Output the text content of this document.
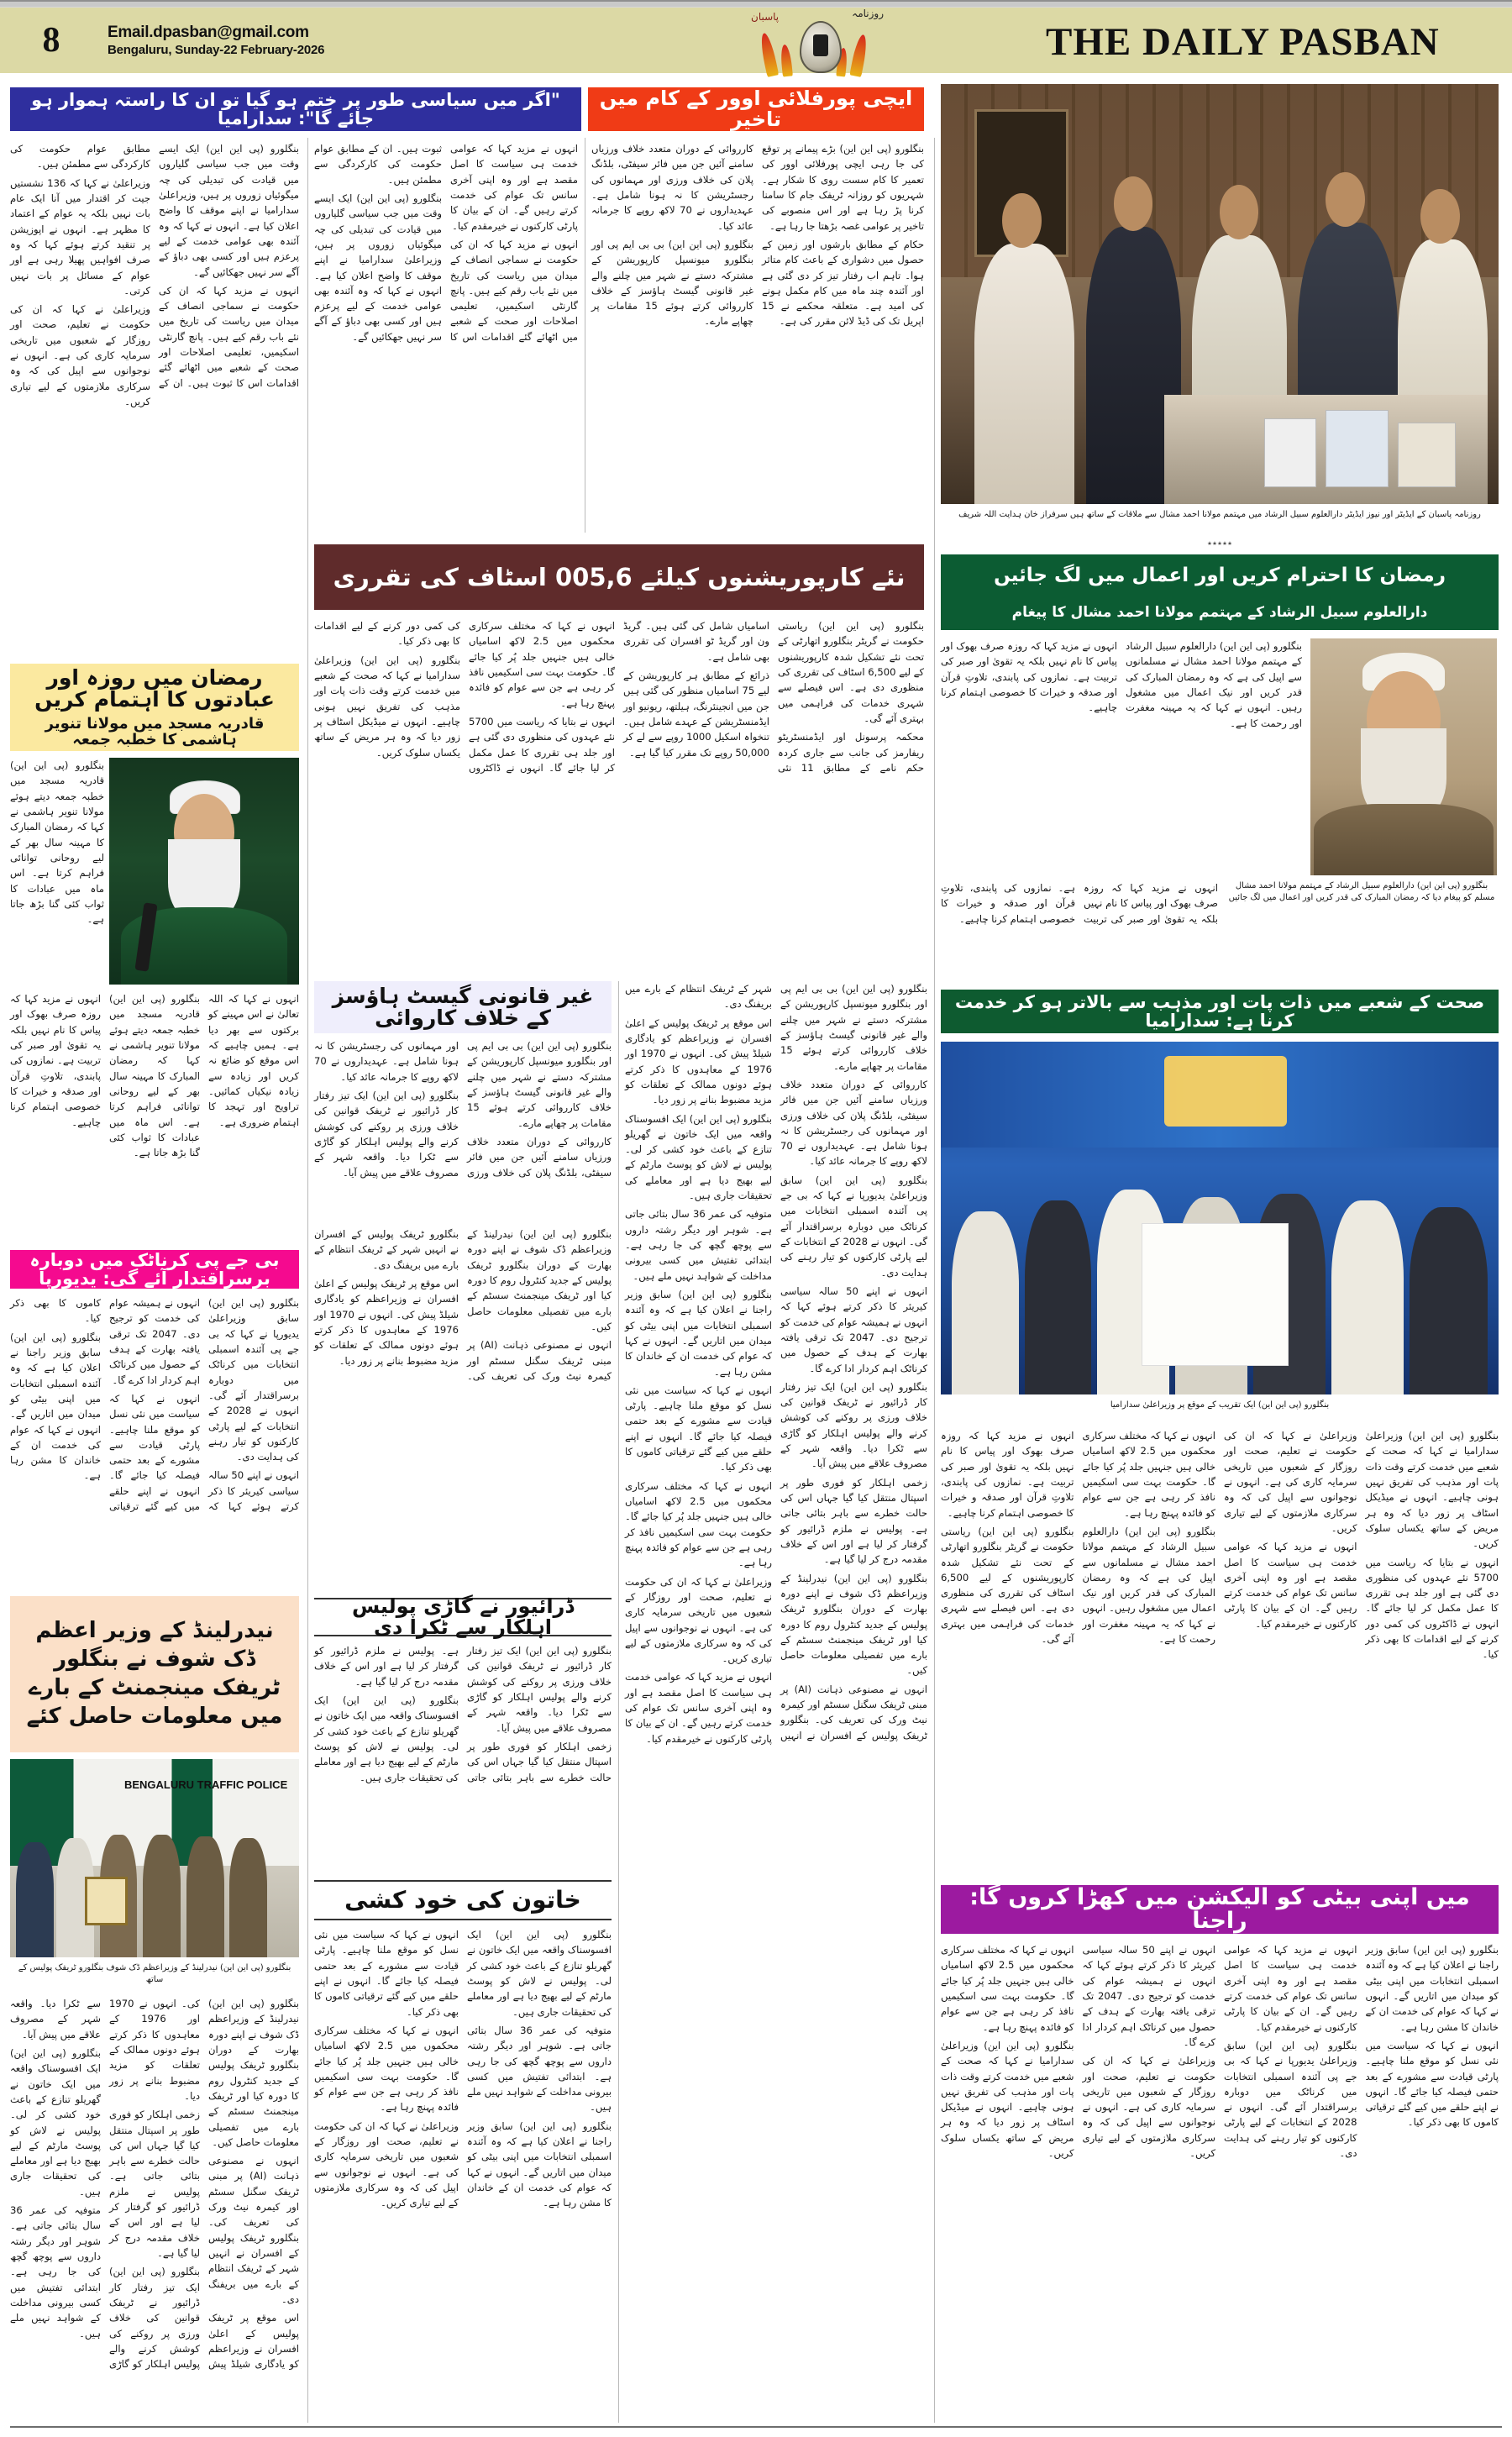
8	Email.dpasban@gmail.com
Bengaluru, Sunday-22 February-2026
روزنامہ
پاسبان
THE DAILY PASBAN
"اگر میں سیاسی طور پر ختم ہو گیا تو ان کا راستہ ہموار ہو جائے گا": سدارامیا
ایچی پورفلائی اوور کے کام میں تاخیر
روزنامہ پاسبان کے ایڈیٹر اور نیوز ایڈیٹر دارالعلوم سبیل الرشاد میں مہتمم مولانا احمد مشال سے ملاقات کے ساتھ ہیں سرفراز خان ہدایت اللہ شریف
٭٭٭٭٭

بنگلورو (پی این این) ایک ایسے وقت میں جب سیاسی گلیاروں میں قیادت کی تبدیلی کی چہ میگوئیاں زوروں پر ہیں، وزیراعلیٰ سدارامیا نے اپنے موقف کا واضح اعلان کیا ہے۔ انہوں نے کہا کہ وہ آئندہ بھی عوامی خدمت کے لیے پرعزم ہیں اور کسی بھی دباؤ کے آگے سر نہیں جھکائیں گے۔

انہوں نے مزید کہا کہ ان کی حکومت نے سماجی انصاف کے میدان میں ریاست کی تاریخ میں نئے باب رقم کیے ہیں۔ پانچ گارنٹی اسکیمیں، تعلیمی اصلاحات اور صحت کے شعبے میں اٹھائے گئے اقدامات اس کا ثبوت ہیں۔ ان کے مطابق عوام حکومت کی کارکردگی سے مطمئن ہیں۔

وزیراعلیٰ نے کہا کہ 136 نشستیں جیت کر اقتدار میں آنا ایک عام بات نہیں بلکہ یہ عوام کے اعتماد کا مظہر ہے۔ انہوں نے اپوزیشن پر تنقید کرتے ہوئے کہا کہ وہ صرف افواہیں پھیلا رہی ہے اور عوام کے مسائل پر بات نہیں کرتی۔

وزیراعلیٰ نے کہا کہ ان کی حکومت نے تعلیم، صحت اور روزگار کے شعبوں میں تاریخی سرمایہ کاری کی ہے۔ انہوں نے نوجوانوں سے اپیل کی کہ وہ سرکاری ملازمتوں کے لیے تیاری کریں۔

انہوں نے مزید کہا کہ عوامی خدمت ہی سیاست کا اصل مقصد ہے اور وہ اپنی آخری سانس تک عوام کی خدمت کرتے رہیں گے۔ ان کے بیان کا پارٹی کارکنوں نے خیرمقدم کیا۔

انہوں نے مزید کہا کہ ان کی حکومت نے سماجی انصاف کے میدان میں ریاست کی تاریخ میں نئے باب رقم کیے ہیں۔ پانچ گارنٹی اسکیمیں، تعلیمی اصلاحات اور صحت کے شعبے میں اٹھائے گئے اقدامات اس کا ثبوت ہیں۔ ان کے مطابق عوام حکومت کی کارکردگی سے مطمئن ہیں۔

بنگلورو (پی این این) ایک ایسے وقت میں جب سیاسی گلیاروں میں قیادت کی تبدیلی کی چہ میگوئیاں زوروں پر ہیں، وزیراعلیٰ سدارامیا نے اپنے موقف کا واضح اعلان کیا ہے۔ انہوں نے کہا کہ وہ آئندہ بھی عوامی خدمت کے لیے پرعزم ہیں اور کسی بھی دباؤ کے آگے سر نہیں جھکائیں گے۔

بنگلورو (پی این این) بڑے پیمانے پر توقع کی جا رہی ایچی پورفلائی اوور کی تعمیر کا کام سست روی کا شکار ہے۔ شہریوں کو روزانہ ٹریفک جام کا سامنا کرنا پڑ رہا ہے اور اس منصوبے کی تاخیر پر عوامی غصہ بڑھتا جا رہا ہے۔

حکام کے مطابق بارشوں اور زمین کے حصول میں دشواری کے باعث کام متاثر ہوا۔ تاہم اب رفتار تیز کر دی گئی ہے اور آئندہ چند ماہ میں کام مکمل ہونے کی امید ہے۔ متعلقہ محکمے نے 15 اپریل تک کی ڈیڈ لائن مقرر کی ہے۔

کارروائی کے دوران متعدد خلاف ورزیاں سامنے آئیں جن میں فائر سیفٹی، بلڈنگ پلان کی خلاف ورزی اور مہمانوں کی رجسٹریشن کا نہ ہونا شامل ہے۔ عہدیداروں نے 70 لاکھ روپے کا جرمانہ عائد کیا۔

بنگلورو (پی این این) بی بی ایم پی اور بنگلورو میونسپل کارپوریشن کے مشترکہ دستے نے شہر میں چلنے والے غیر قانونی گیسٹ ہاؤسز کے خلاف کارروائی کرتے ہوئے 15 مقامات پر چھاپے مارے۔

نئے کارپوریشنوں کیلئے 6,500 اسٹاف کی تقرری

بنگلورو (پی این این) ریاستی حکومت نے گریٹر بنگلورو اتھارٹی کے تحت نئے تشکیل شدہ کارپوریشنوں کے لیے 6,500 اسٹاف کی تقرری کی منظوری دی ہے۔ اس فیصلے سے شہری خدمات کی فراہمی میں بہتری آئے گی۔

محکمہ پرسونل اور ایڈمنسٹریٹو ریفارمز کی جانب سے جاری کردہ حکم نامے کے مطابق 11 نئی اسامیاں شامل کی گئی ہیں۔ گریڈ ون اور گریڈ ٹو افسران کی تقرری بھی شامل ہے۔

ذرائع کے مطابق ہر کارپوریشن کے لیے 75 اسامیاں منظور کی گئی ہیں جن میں انجینئرنگ، ہیلتھ، ریونیو اور ایڈمنسٹریشن کے عہدے شامل ہیں۔ تنخواہ اسکیل 1000 روپے سے لے کر 50,000 روپے تک مقرر کیا گیا ہے۔

انہوں نے کہا کہ مختلف سرکاری محکموں میں 2.5 لاکھ اسامیاں خالی ہیں جنہیں جلد پُر کیا جائے گا۔ حکومت بہت سی اسکیمیں نافذ کر رہی ہے جن سے عوام کو فائدہ پہنچ رہا ہے۔

انہوں نے بتایا کہ ریاست میں 5700 نئے عہدوں کی منظوری دی گئی ہے اور جلد ہی تقرری کا عمل مکمل کر لیا جائے گا۔ انہوں نے ڈاکٹروں کی کمی دور کرنے کے لیے اقدامات کا بھی ذکر کیا۔

بنگلورو (پی این این) وزیراعلیٰ سدارامیا نے کہا کہ صحت کے شعبے میں خدمت کرتے وقت ذات پات اور مذہب کی تفریق نہیں ہونی چاہیے۔ انہوں نے میڈیکل اسٹاف پر زور دیا کہ وہ ہر مریض کے ساتھ یکساں سلوک کریں۔

رمضان کا احترام کریں اور اعمال میں لگ جائیں
دارالعلوم سبیل الرشاد کے مہتمم مولانا احمد مشال کا پیغام

بنگلورو (پی این این) دارالعلوم سبیل الرشاد کے مہتمم مولانا احمد مشال نے مسلمانوں سے اپیل کی ہے کہ وہ رمضان المبارک کی قدر کریں اور نیک اعمال میں مشغول رہیں۔ انہوں نے کہا کہ یہ مہینہ مغفرت اور رحمت کا ہے۔

انہوں نے مزید کہا کہ روزہ صرف بھوک اور پیاس کا نام نہیں بلکہ یہ تقویٰ اور صبر کی تربیت ہے۔ نمازوں کی پابندی، تلاوتِ قرآن اور صدقہ و خیرات کا خصوصی اہتمام کرنا چاہیے۔

بنگلورو (پی این این) دارالعلوم سبیل الرشاد کے مہتمم مولانا احمد مشال مسلم کو پیغام دیا کہ رمضان المبارک کی قدر کریں اور اعمال میں لگ جائیں

انہوں نے مزید کہا کہ روزہ صرف بھوک اور پیاس کا نام نہیں بلکہ یہ تقویٰ اور صبر کی تربیت ہے۔ نمازوں کی پابندی، تلاوتِ قرآن اور صدقہ و خیرات کا خصوصی اہتمام کرنا چاہیے۔

رمضان میں روزہ اور عبادتوں کا اہتمام کریں
قادریہ مسجد میں مولانا تنویر ہاشمی کا خطبہ جمعہ

بنگلورو (پی این این) قادریہ مسجد میں خطبہ جمعہ دیتے ہوئے مولانا تنویر ہاشمی نے کہا کہ رمضان المبارک کا مہینہ سال بھر کے لیے روحانی توانائی فراہم کرتا ہے۔ اس ماہ میں عبادات کا ثواب کئی گنا بڑھ جاتا ہے۔

انہوں نے کہا کہ اللہ تعالیٰ نے اس مہینے کو برکتوں سے بھر دیا ہے۔ ہمیں چاہیے کہ اس موقع کو ضائع نہ کریں اور زیادہ سے زیادہ نیکیاں کمائیں۔ تراویح اور تہجد کا اہتمام ضروری ہے۔

بنگلورو (پی این این) قادریہ مسجد میں خطبہ جمعہ دیتے ہوئے مولانا تنویر ہاشمی نے کہا کہ رمضان المبارک کا مہینہ سال بھر کے لیے روحانی توانائی فراہم کرتا ہے۔ اس ماہ میں عبادات کا ثواب کئی گنا بڑھ جاتا ہے۔

انہوں نے مزید کہا کہ روزہ صرف بھوک اور پیاس کا نام نہیں بلکہ یہ تقویٰ اور صبر کی تربیت ہے۔ نمازوں کی پابندی، تلاوتِ قرآن اور صدقہ و خیرات کا خصوصی اہتمام کرنا چاہیے۔

غیر قانونی گیسٹ ہاؤسز کے خلاف کاروائی

بنگلورو (پی این این) بی بی ایم پی اور بنگلورو میونسپل کارپوریشن کے مشترکہ دستے نے شہر میں چلنے والے غیر قانونی گیسٹ ہاؤسز کے خلاف کارروائی کرتے ہوئے 15 مقامات پر چھاپے مارے۔

کارروائی کے دوران متعدد خلاف ورزیاں سامنے آئیں جن میں فائر سیفٹی، بلڈنگ پلان کی خلاف ورزی اور مہمانوں کی رجسٹریشن کا نہ ہونا شامل ہے۔ عہدیداروں نے 70 لاکھ روپے کا جرمانہ عائد کیا۔

بنگلورو (پی این این) ایک تیز رفتار کار ڈرائیور نے ٹریفک قوانین کی خلاف ورزی پر روکنے کی کوشش کرنے والے پولیس اہلکار کو گاڑی سے ٹکرا دیا۔ واقعہ شہر کے مصروف علاقے میں پیش آیا۔

صحت کے شعبے میں ذات پات اور مذہب سے بالاتر ہو کر خدمت کرنا ہے: سدارامیا
بنگلورو (پی این این) ایک تقریب کے موقع پر وزیراعلیٰ سدارامیا

بنگلورو (پی این این) وزیراعلیٰ سدارامیا نے کہا کہ صحت کے شعبے میں خدمت کرتے وقت ذات پات اور مذہب کی تفریق نہیں ہونی چاہیے۔ انہوں نے میڈیکل اسٹاف پر زور دیا کہ وہ ہر مریض کے ساتھ یکساں سلوک کریں۔

انہوں نے بتایا کہ ریاست میں 5700 نئے عہدوں کی منظوری دی گئی ہے اور جلد ہی تقرری کا عمل مکمل کر لیا جائے گا۔ انہوں نے ڈاکٹروں کی کمی دور کرنے کے لیے اقدامات کا بھی ذکر کیا۔

وزیراعلیٰ نے کہا کہ ان کی حکومت نے تعلیم، صحت اور روزگار کے شعبوں میں تاریخی سرمایہ کاری کی ہے۔ انہوں نے نوجوانوں سے اپیل کی کہ وہ سرکاری ملازمتوں کے لیے تیاری کریں۔

انہوں نے مزید کہا کہ عوامی خدمت ہی سیاست کا اصل مقصد ہے اور وہ اپنی آخری سانس تک عوام کی خدمت کرتے رہیں گے۔ ان کے بیان کا پارٹی کارکنوں نے خیرمقدم کیا۔

انہوں نے کہا کہ مختلف سرکاری محکموں میں 2.5 لاکھ اسامیاں خالی ہیں جنہیں جلد پُر کیا جائے گا۔ حکومت بہت سی اسکیمیں نافذ کر رہی ہے جن سے عوام کو فائدہ پہنچ رہا ہے۔

بنگلورو (پی این این) دارالعلوم سبیل الرشاد کے مہتمم مولانا احمد مشال نے مسلمانوں سے اپیل کی ہے کہ وہ رمضان المبارک کی قدر کریں اور نیک اعمال میں مشغول رہیں۔ انہوں نے کہا کہ یہ مہینہ مغفرت اور رحمت کا ہے۔

انہوں نے مزید کہا کہ روزہ صرف بھوک اور پیاس کا نام نہیں بلکہ یہ تقویٰ اور صبر کی تربیت ہے۔ نمازوں کی پابندی، تلاوتِ قرآن اور صدقہ و خیرات کا خصوصی اہتمام کرنا چاہیے۔

بنگلورو (پی این این) ریاستی حکومت نے گریٹر بنگلورو اتھارٹی کے تحت نئے تشکیل شدہ کارپوریشنوں کے لیے 6,500 اسٹاف کی تقرری کی منظوری دی ہے۔ اس فیصلے سے شہری خدمات کی فراہمی میں بہتری آئے گی۔

بی جے پی کرناٹک میں دوبارہ برسراقتدار آئے گی: یدیورپا

بنگلورو (پی این این) سابق وزیراعلیٰ یدیورپا نے کہا کہ بی جے پی آئندہ اسمبلی انتخابات میں کرناٹک میں دوبارہ برسراقتدار آئے گی۔ انہوں نے 2028 کے انتخابات کے لیے پارٹی کارکنوں کو تیار رہنے کی ہدایت دی۔

انہوں نے اپنے 50 سالہ سیاسی کیریئر کا ذکر کرتے ہوئے کہا کہ انہوں نے ہمیشہ عوام کی خدمت کو ترجیح دی۔ 2047 تک ترقی یافتہ بھارت کے ہدف کے حصول میں کرناٹک اہم کردار ادا کرے گا۔

انہوں نے کہا کہ سیاست میں نئی نسل کو موقع ملنا چاہیے۔ پارٹی قیادت سے مشورے کے بعد حتمی فیصلہ کیا جائے گا۔ انہوں نے اپنے حلقے میں کیے گئے ترقیاتی کاموں کا بھی ذکر کیا۔

بنگلورو (پی این این) سابق وزیر راجنا نے اعلان کیا ہے کہ وہ آئندہ اسمبلی انتخابات میں اپنی بیٹی کو میدان میں اتاریں گے۔ انہوں نے کہا کہ عوام کی خدمت ان کے خاندان کا مشن رہا ہے۔

ڈرائیور نے گاڑی پولیس اہلکار سے ٹکرا دی

بنگلورو (پی این این) ایک تیز رفتار کار ڈرائیور نے ٹریفک قوانین کی خلاف ورزی پر روکنے کی کوشش کرنے والے پولیس اہلکار کو گاڑی سے ٹکرا دیا۔ واقعہ شہر کے مصروف علاقے میں پیش آیا۔

زخمی اہلکار کو فوری طور پر اسپتال منتقل کیا گیا جہاں اس کی حالت خطرے سے باہر بتائی جاتی ہے۔ پولیس نے ملزم ڈرائیور کو گرفتار کر لیا ہے اور اس کے خلاف مقدمہ درج کر لیا گیا ہے۔

بنگلورو (پی این این) ایک افسوسناک واقعہ میں ایک خاتون نے گھریلو تنازع کے باعث خود کشی کر لی۔ پولیس نے لاش کو پوسٹ مارٹم کے لیے بھیج دیا ہے اور معاملے کی تحقیقات جاری ہیں۔

بنگلورو (پی این این) نیدرلینڈ کے وزیراعظم ڈک شوف نے اپنے دورہ بھارت کے دوران بنگلورو ٹریفک پولیس کے جدید کنٹرول روم کا دورہ کیا اور ٹریفک مینجمنٹ سسٹم کے بارے میں تفصیلی معلومات حاصل کیں۔

انہوں نے مصنوعی ذہانت (AI) پر مبنی ٹریفک سگنل سسٹم اور کیمرہ نیٹ ورک کی تعریف کی۔ بنگلورو ٹریفک پولیس کے افسران نے انہیں شہر کے ٹریفک انتظام کے بارے میں بریفنگ دی۔

اس موقع پر ٹریفک پولیس کے اعلیٰ افسران نے وزیراعظم کو یادگاری شیلڈ پیش کی۔ انہوں نے 1970 اور 1976 کے معاہدوں کا ذکر کرتے ہوئے دونوں ممالک کے تعلقات کو مزید مضبوط بنانے پر زور دیا۔

بنگلورو (پی این این) بی بی ایم پی اور بنگلورو میونسپل کارپوریشن کے مشترکہ دستے نے شہر میں چلنے والے غیر قانونی گیسٹ ہاؤسز کے خلاف کارروائی کرتے ہوئے 15 مقامات پر چھاپے مارے۔

کارروائی کے دوران متعدد خلاف ورزیاں سامنے آئیں جن میں فائر سیفٹی، بلڈنگ پلان کی خلاف ورزی اور مہمانوں کی رجسٹریشن کا نہ ہونا شامل ہے۔ عہدیداروں نے 70 لاکھ روپے کا جرمانہ عائد کیا۔

بنگلورو (پی این این) سابق وزیراعلیٰ یدیورپا نے کہا کہ بی جے پی آئندہ اسمبلی انتخابات میں کرناٹک میں دوبارہ برسراقتدار آئے گی۔ انہوں نے 2028 کے انتخابات کے لیے پارٹی کارکنوں کو تیار رہنے کی ہدایت دی۔

انہوں نے اپنے 50 سالہ سیاسی کیریئر کا ذکر کرتے ہوئے کہا کہ انہوں نے ہمیشہ عوام کی خدمت کو ترجیح دی۔ 2047 تک ترقی یافتہ بھارت کے ہدف کے حصول میں کرناٹک اہم کردار ادا کرے گا۔

بنگلورو (پی این این) ایک تیز رفتار کار ڈرائیور نے ٹریفک قوانین کی خلاف ورزی پر روکنے کی کوشش کرنے والے پولیس اہلکار کو گاڑی سے ٹکرا دیا۔ واقعہ شہر کے مصروف علاقے میں پیش آیا۔

زخمی اہلکار کو فوری طور پر اسپتال منتقل کیا گیا جہاں اس کی حالت خطرے سے باہر بتائی جاتی ہے۔ پولیس نے ملزم ڈرائیور کو گرفتار کر لیا ہے اور اس کے خلاف مقدمہ درج کر لیا گیا ہے۔

بنگلورو (پی این این) نیدرلینڈ کے وزیراعظم ڈک شوف نے اپنے دورہ بھارت کے دوران بنگلورو ٹریفک پولیس کے جدید کنٹرول روم کا دورہ کیا اور ٹریفک مینجمنٹ سسٹم کے بارے میں تفصیلی معلومات حاصل کیں۔

انہوں نے مصنوعی ذہانت (AI) پر مبنی ٹریفک سگنل سسٹم اور کیمرہ نیٹ ورک کی تعریف کی۔ بنگلورو ٹریفک پولیس کے افسران نے انہیں شہر کے ٹریفک انتظام کے بارے میں بریفنگ دی۔

اس موقع پر ٹریفک پولیس کے اعلیٰ افسران نے وزیراعظم کو یادگاری شیلڈ پیش کی۔ انہوں نے 1970 اور 1976 کے معاہدوں کا ذکر کرتے ہوئے دونوں ممالک کے تعلقات کو مزید مضبوط بنانے پر زور دیا۔

بنگلورو (پی این این) ایک افسوسناک واقعہ میں ایک خاتون نے گھریلو تنازع کے باعث خود کشی کر لی۔ پولیس نے لاش کو پوسٹ مارٹم کے لیے بھیج دیا ہے اور معاملے کی تحقیقات جاری ہیں۔

متوفیہ کی عمر 36 سال بتائی جاتی ہے۔ شوہر اور دیگر رشتہ داروں سے پوچھ گچھ کی جا رہی ہے۔ ابتدائی تفتیش میں کسی بیرونی مداخلت کے شواہد نہیں ملے ہیں۔

بنگلورو (پی این این) سابق وزیر راجنا نے اعلان کیا ہے کہ وہ آئندہ اسمبلی انتخابات میں اپنی بیٹی کو میدان میں اتاریں گے۔ انہوں نے کہا کہ عوام کی خدمت ان کے خاندان کا مشن رہا ہے۔

انہوں نے کہا کہ سیاست میں نئی نسل کو موقع ملنا چاہیے۔ پارٹی قیادت سے مشورے کے بعد حتمی فیصلہ کیا جائے گا۔ انہوں نے اپنے حلقے میں کیے گئے ترقیاتی کاموں کا بھی ذکر کیا۔

انہوں نے کہا کہ مختلف سرکاری محکموں میں 2.5 لاکھ اسامیاں خالی ہیں جنہیں جلد پُر کیا جائے گا۔ حکومت بہت سی اسکیمیں نافذ کر رہی ہے جن سے عوام کو فائدہ پہنچ رہا ہے۔

وزیراعلیٰ نے کہا کہ ان کی حکومت نے تعلیم، صحت اور روزگار کے شعبوں میں تاریخی سرمایہ کاری کی ہے۔ انہوں نے نوجوانوں سے اپیل کی کہ وہ سرکاری ملازمتوں کے لیے تیاری کریں۔

انہوں نے مزید کہا کہ عوامی خدمت ہی سیاست کا اصل مقصد ہے اور وہ اپنی آخری سانس تک عوام کی خدمت کرتے رہیں گے۔ ان کے بیان کا پارٹی کارکنوں نے خیرمقدم کیا۔

نیدرلینڈ کے وزیر اعظم ڈک شوف نے بنگلور ٹریفک مینجمنٹ کے بارے میں معلومات حاصل کئے
BENGALURU TRAFFIC POLICE
بنگلورو (پی این این) نیدرلینڈ کے وزیراعظم ڈک شوف بنگلورو ٹریفک پولیس کے ساتھ

بنگلورو (پی این این) نیدرلینڈ کے وزیراعظم ڈک شوف نے اپنے دورہ بھارت کے دوران بنگلورو ٹریفک پولیس کے جدید کنٹرول روم کا دورہ کیا اور ٹریفک مینجمنٹ سسٹم کے بارے میں تفصیلی معلومات حاصل کیں۔

انہوں نے مصنوعی ذہانت (AI) پر مبنی ٹریفک سگنل سسٹم اور کیمرہ نیٹ ورک کی تعریف کی۔ بنگلورو ٹریفک پولیس کے افسران نے انہیں شہر کے ٹریفک انتظام کے بارے میں بریفنگ دی۔

اس موقع پر ٹریفک پولیس کے اعلیٰ افسران نے وزیراعظم کو یادگاری شیلڈ پیش کی۔ انہوں نے 1970 اور 1976 کے معاہدوں کا ذکر کرتے ہوئے دونوں ممالک کے تعلقات کو مزید مضبوط بنانے پر زور دیا۔

زخمی اہلکار کو فوری طور پر اسپتال منتقل کیا گیا جہاں اس کی حالت خطرے سے باہر بتائی جاتی ہے۔ پولیس نے ملزم ڈرائیور کو گرفتار کر لیا ہے اور اس کے خلاف مقدمہ درج کر لیا گیا ہے۔

بنگلورو (پی این این) ایک تیز رفتار کار ڈرائیور نے ٹریفک قوانین کی خلاف ورزی پر روکنے کی کوشش کرنے والے پولیس اہلکار کو گاڑی سے ٹکرا دیا۔ واقعہ شہر کے مصروف علاقے میں پیش آیا۔

بنگلورو (پی این این) ایک افسوسناک واقعہ میں ایک خاتون نے گھریلو تنازع کے باعث خود کشی کر لی۔ پولیس نے لاش کو پوسٹ مارٹم کے لیے بھیج دیا ہے اور معاملے کی تحقیقات جاری ہیں۔

متوفیہ کی عمر 36 سال بتائی جاتی ہے۔ شوہر اور دیگر رشتہ داروں سے پوچھ گچھ کی جا رہی ہے۔ ابتدائی تفتیش میں کسی بیرونی مداخلت کے شواہد نہیں ملے ہیں۔

خاتون کی خود کشی

بنگلورو (پی این این) ایک افسوسناک واقعہ میں ایک خاتون نے گھریلو تنازع کے باعث خود کشی کر لی۔ پولیس نے لاش کو پوسٹ مارٹم کے لیے بھیج دیا ہے اور معاملے کی تحقیقات جاری ہیں۔

متوفیہ کی عمر 36 سال بتائی جاتی ہے۔ شوہر اور دیگر رشتہ داروں سے پوچھ گچھ کی جا رہی ہے۔ ابتدائی تفتیش میں کسی بیرونی مداخلت کے شواہد نہیں ملے ہیں۔

بنگلورو (پی این این) سابق وزیر راجنا نے اعلان کیا ہے کہ وہ آئندہ اسمبلی انتخابات میں اپنی بیٹی کو میدان میں اتاریں گے۔ انہوں نے کہا کہ عوام کی خدمت ان کے خاندان کا مشن رہا ہے۔

انہوں نے کہا کہ سیاست میں نئی نسل کو موقع ملنا چاہیے۔ پارٹی قیادت سے مشورے کے بعد حتمی فیصلہ کیا جائے گا۔ انہوں نے اپنے حلقے میں کیے گئے ترقیاتی کاموں کا بھی ذکر کیا۔

انہوں نے کہا کہ مختلف سرکاری محکموں میں 2.5 لاکھ اسامیاں خالی ہیں جنہیں جلد پُر کیا جائے گا۔ حکومت بہت سی اسکیمیں نافذ کر رہی ہے جن سے عوام کو فائدہ پہنچ رہا ہے۔

وزیراعلیٰ نے کہا کہ ان کی حکومت نے تعلیم، صحت اور روزگار کے شعبوں میں تاریخی سرمایہ کاری کی ہے۔ انہوں نے نوجوانوں سے اپیل کی کہ وہ سرکاری ملازمتوں کے لیے تیاری کریں۔

میں اپنی بیٹی کو الیکشن میں کھڑا کروں گا: راجنا

بنگلورو (پی این این) سابق وزیر راجنا نے اعلان کیا ہے کہ وہ آئندہ اسمبلی انتخابات میں اپنی بیٹی کو میدان میں اتاریں گے۔ انہوں نے کہا کہ عوام کی خدمت ان کے خاندان کا مشن رہا ہے۔

انہوں نے کہا کہ سیاست میں نئی نسل کو موقع ملنا چاہیے۔ پارٹی قیادت سے مشورے کے بعد حتمی فیصلہ کیا جائے گا۔ انہوں نے اپنے حلقے میں کیے گئے ترقیاتی کاموں کا بھی ذکر کیا۔

انہوں نے مزید کہا کہ عوامی خدمت ہی سیاست کا اصل مقصد ہے اور وہ اپنی آخری سانس تک عوام کی خدمت کرتے رہیں گے۔ ان کے بیان کا پارٹی کارکنوں نے خیرمقدم کیا۔

بنگلورو (پی این این) سابق وزیراعلیٰ یدیورپا نے کہا کہ بی جے پی آئندہ اسمبلی انتخابات میں کرناٹک میں دوبارہ برسراقتدار آئے گی۔ انہوں نے 2028 کے انتخابات کے لیے پارٹی کارکنوں کو تیار رہنے کی ہدایت دی۔

انہوں نے اپنے 50 سالہ سیاسی کیریئر کا ذکر کرتے ہوئے کہا کہ انہوں نے ہمیشہ عوام کی خدمت کو ترجیح دی۔ 2047 تک ترقی یافتہ بھارت کے ہدف کے حصول میں کرناٹک اہم کردار ادا کرے گا۔

وزیراعلیٰ نے کہا کہ ان کی حکومت نے تعلیم، صحت اور روزگار کے شعبوں میں تاریخی سرمایہ کاری کی ہے۔ انہوں نے نوجوانوں سے اپیل کی کہ وہ سرکاری ملازمتوں کے لیے تیاری کریں۔

انہوں نے کہا کہ مختلف سرکاری محکموں میں 2.5 لاکھ اسامیاں خالی ہیں جنہیں جلد پُر کیا جائے گا۔ حکومت بہت سی اسکیمیں نافذ کر رہی ہے جن سے عوام کو فائدہ پہنچ رہا ہے۔

بنگلورو (پی این این) وزیراعلیٰ سدارامیا نے کہا کہ صحت کے شعبے میں خدمت کرتے وقت ذات پات اور مذہب کی تفریق نہیں ہونی چاہیے۔ انہوں نے میڈیکل اسٹاف پر زور دیا کہ وہ ہر مریض کے ساتھ یکساں سلوک کریں۔
